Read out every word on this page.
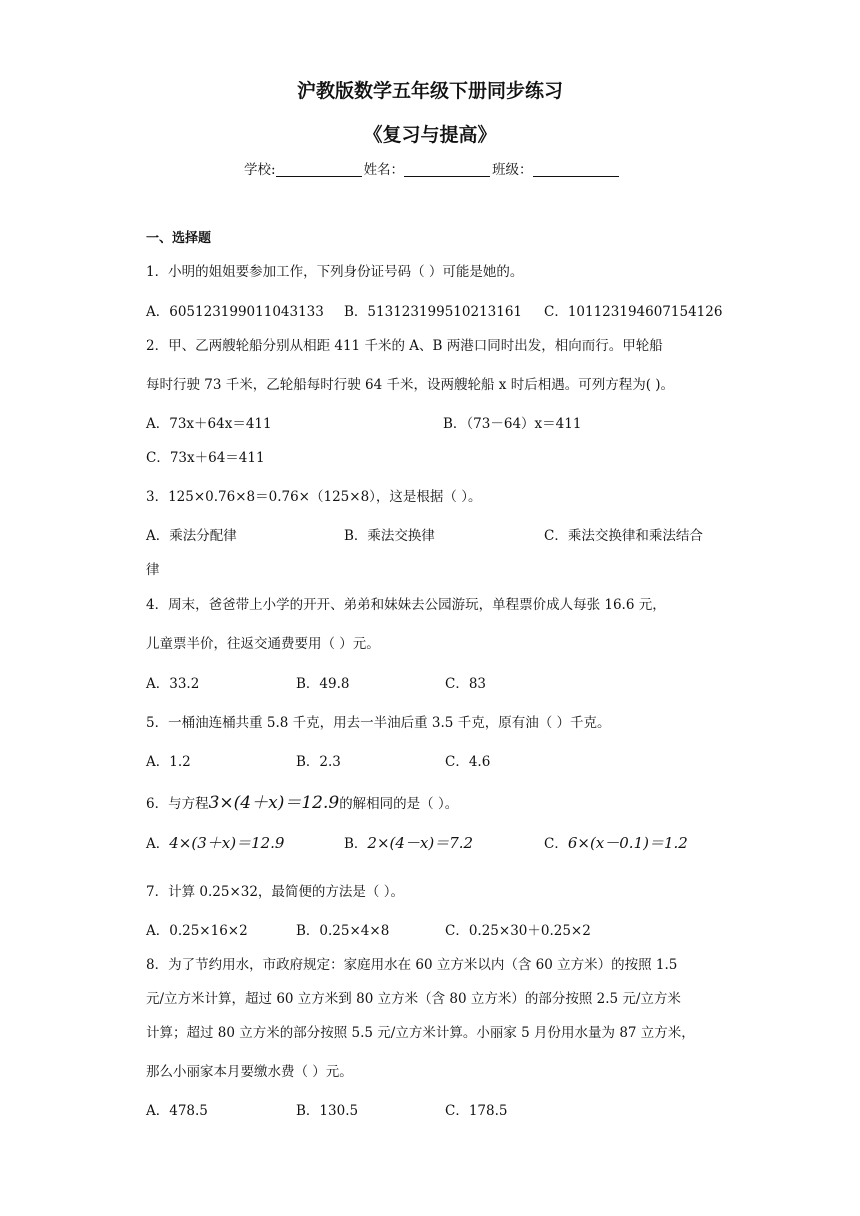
沪教版数学五年级下册同步练习
《复习与提高》
学校:	姓名：	班级：
一、选择题
1．小明的姐姐要参加工作，下列身份证号码（ ）可能是她的。
A．605123199011043133 B．513123199510213161 C．101123194607154126
2．甲、乙两艘轮船分别从相距 411 千米的 A、B 两港口同时出发，相向而行。甲轮船
每时行驶 73 千米，乙轮船每时行驶 64 千米，设两艘轮船 x 时后相遇。可列方程为( )。
A．73x＋64x＝411	B．（73－64）x＝411
C．73x＋64＝411
3．125×0.76×8＝0.76×（125×8），这是根据（ ）。
A．乘法分配律	B．乘法交换律	C．乘法交换律和乘法结合
律
4．周末，爸爸带上小学的开开、弟弟和妹妹去公园游玩，单程票价成人每张 16.6 元，
儿童票半价，往返交通费要用（ ）元。
A．33.2	B．49.8	C．83
5．一桶油连桶共重 5.8 千克，用去一半油后重 3.5 千克，原有油（ ）千克。
A．1.2	B．2.3	C．4.6
6．与方程3×(4＋x)＝12.9的解相同的是（ ）。
A．4×(3＋x)＝12.9	B．2×(4－x)＝7.2	C．6×(x－0.1)＝1.2
7．计算 0.25×32，最简便的方法是（ ）。
A．0.25×16×2	B．0.25×4×8	C．0.25×30＋0.25×2
8．为了节约用水，市政府规定：家庭用水在 60 立方米以内（含 60 立方米）的按照 1.5
元/立方米计算，超过 60 立方米到 80 立方米（含 80 立方米）的部分按照 2.5 元/立方米
计算；超过 80 立方米的部分按照 5.5 元/立方米计算。小丽家 5 月份用水量为 87 立方米，
那么小丽家本月要缴水费（ ）元。
A．478.5	B．130.5	C．178.5
